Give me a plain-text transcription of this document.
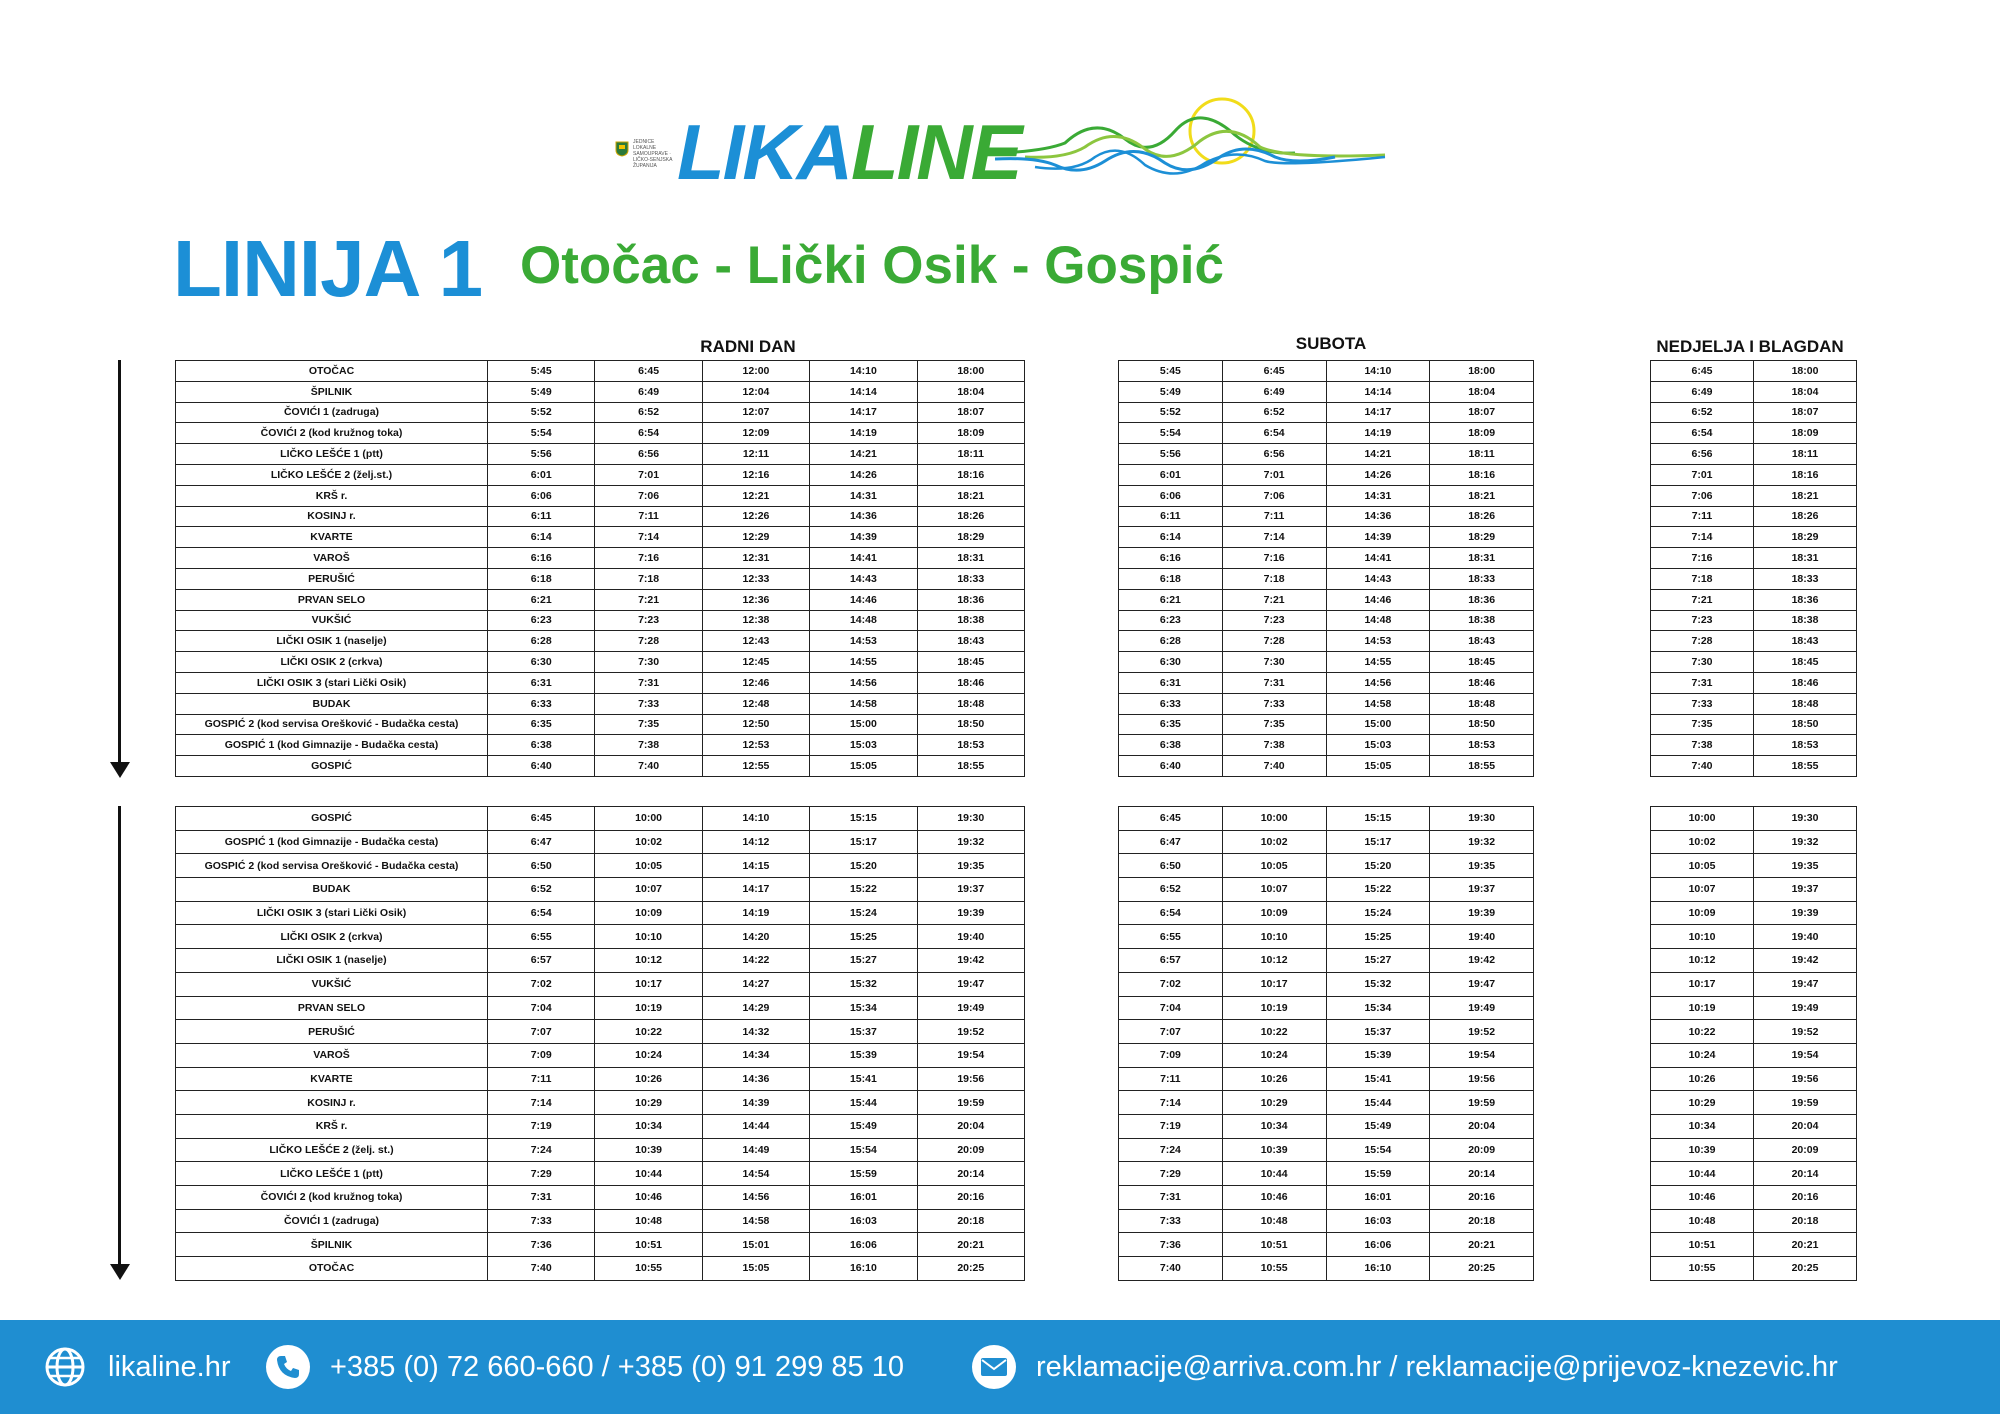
JEDNICE LOKALNE SAMOUPRAVE · LIČKO-SENJSKA ŽUPANIJA LIKALINE
LINIJA 1 Otočac - Lički Osik - Gospić
RADNI DAN	SUBOTA	NEDJELJA I BLAGDAN
OTOČAC	5:45	6:45	12:00	14:10	18:00
ŠPILNIK	5:49	6:49	12:04	14:14	18:04
ČOVIĆI 1 (zadruga)	5:52	6:52	12:07	14:17	18:07
ČOVIĆI 2 (kod kružnog toka)	5:54	6:54	12:09	14:19	18:09
LIČKO LEŠĆE 1 (ptt)	5:56	6:56	12:11	14:21	18:11
LIČKO LEŠĆE 2 (želj.st.)	6:01	7:01	12:16	14:26	18:16
KRŠ r.	6:06	7:06	12:21	14:31	18:21
KOSINJ r.	6:11	7:11	12:26	14:36	18:26
KVARTE	6:14	7:14	12:29	14:39	18:29
VAROŠ	6:16	7:16	12:31	14:41	18:31
PERUŠIĆ	6:18	7:18	12:33	14:43	18:33
PRVAN SELO	6:21	7:21	12:36	14:46	18:36
VUKŠIĆ	6:23	7:23	12:38	14:48	18:38
LIČKI OSIK 1 (naselje)	6:28	7:28	12:43	14:53	18:43
LIČKI OSIK 2 (crkva)	6:30	7:30	12:45	14:55	18:45
LIČKI OSIK 3 (stari Lički Osik)	6:31	7:31	12:46	14:56	18:46
BUDAK	6:33	7:33	12:48	14:58	18:48
GOSPIĆ 2 (kod servisa Orešković - Budačka cesta)	6:35	7:35	12:50	15:00	18:50
GOSPIĆ 1 (kod Gimnazije - Budačka cesta)	6:38	7:38	12:53	15:03	18:53
GOSPIĆ	6:40	7:40	12:55	15:05	18:55
5:45	6:45	14:10	18:00
5:49	6:49	14:14	18:04
5:52	6:52	14:17	18:07
5:54	6:54	14:19	18:09
5:56	6:56	14:21	18:11
6:01	7:01	14:26	18:16
6:06	7:06	14:31	18:21
6:11	7:11	14:36	18:26
6:14	7:14	14:39	18:29
6:16	7:16	14:41	18:31
6:18	7:18	14:43	18:33
6:21	7:21	14:46	18:36
6:23	7:23	14:48	18:38
6:28	7:28	14:53	18:43
6:30	7:30	14:55	18:45
6:31	7:31	14:56	18:46
6:33	7:33	14:58	18:48
6:35	7:35	15:00	18:50
6:38	7:38	15:03	18:53
6:40	7:40	15:05	18:55
6:45	18:00
6:49	18:04
6:52	18:07
6:54	18:09
6:56	18:11
7:01	18:16
7:06	18:21
7:11	18:26
7:14	18:29
7:16	18:31
7:18	18:33
7:21	18:36
7:23	18:38
7:28	18:43
7:30	18:45
7:31	18:46
7:33	18:48
7:35	18:50
7:38	18:53
7:40	18:55
GOSPIĆ	6:45	10:00	14:10	15:15	19:30
GOSPIĆ 1 (kod Gimnazije - Budačka cesta)	6:47	10:02	14:12	15:17	19:32
GOSPIĆ 2 (kod servisa Orešković - Budačka cesta)	6:50	10:05	14:15	15:20	19:35
BUDAK	6:52	10:07	14:17	15:22	19:37
LIČKI OSIK 3 (stari Lički Osik)	6:54	10:09	14:19	15:24	19:39
LIČKI OSIK 2 (crkva)	6:55	10:10	14:20	15:25	19:40
LIČKI OSIK 1 (naselje)	6:57	10:12	14:22	15:27	19:42
VUKŠIĆ	7:02	10:17	14:27	15:32	19:47
PRVAN SELO	7:04	10:19	14:29	15:34	19:49
PERUŠIĆ	7:07	10:22	14:32	15:37	19:52
VAROŠ	7:09	10:24	14:34	15:39	19:54
KVARTE	7:11	10:26	14:36	15:41	19:56
KOSINJ r.	7:14	10:29	14:39	15:44	19:59
KRŠ r.	7:19	10:34	14:44	15:49	20:04
LIČKO LEŠĆE 2 (želj. st.)	7:24	10:39	14:49	15:54	20:09
LIČKO LEŠĆE 1 (ptt)	7:29	10:44	14:54	15:59	20:14
ČOVIĆI 2 (kod kružnog toka)	7:31	10:46	14:56	16:01	20:16
ČOVIĆI 1 (zadruga)	7:33	10:48	14:58	16:03	20:18
ŠPILNIK	7:36	10:51	15:01	16:06	20:21
OTOČAC	7:40	10:55	15:05	16:10	20:25
6:45	10:00	15:15	19:30
6:47	10:02	15:17	19:32
6:50	10:05	15:20	19:35
6:52	10:07	15:22	19:37
6:54	10:09	15:24	19:39
6:55	10:10	15:25	19:40
6:57	10:12	15:27	19:42
7:02	10:17	15:32	19:47
7:04	10:19	15:34	19:49
7:07	10:22	15:37	19:52
7:09	10:24	15:39	19:54
7:11	10:26	15:41	19:56
7:14	10:29	15:44	19:59
7:19	10:34	15:49	20:04
7:24	10:39	15:54	20:09
7:29	10:44	15:59	20:14
7:31	10:46	16:01	20:16
7:33	10:48	16:03	20:18
7:36	10:51	16:06	20:21
7:40	10:55	16:10	20:25
10:00	19:30
10:02	19:32
10:05	19:35
10:07	19:37
10:09	19:39
10:10	19:40
10:12	19:42
10:17	19:47
10:19	19:49
10:22	19:52
10:24	19:54
10:26	19:56
10:29	19:59
10:34	20:04
10:39	20:09
10:44	20:14
10:46	20:16
10:48	20:18
10:51	20:21
10:55	20:25
likaline.hr	+385 (0) 72 660-660 / +385 (0) 91 299 85 10	reklamacije@arriva.com.hr / reklamacije@prijevoz-knezevic.hr
